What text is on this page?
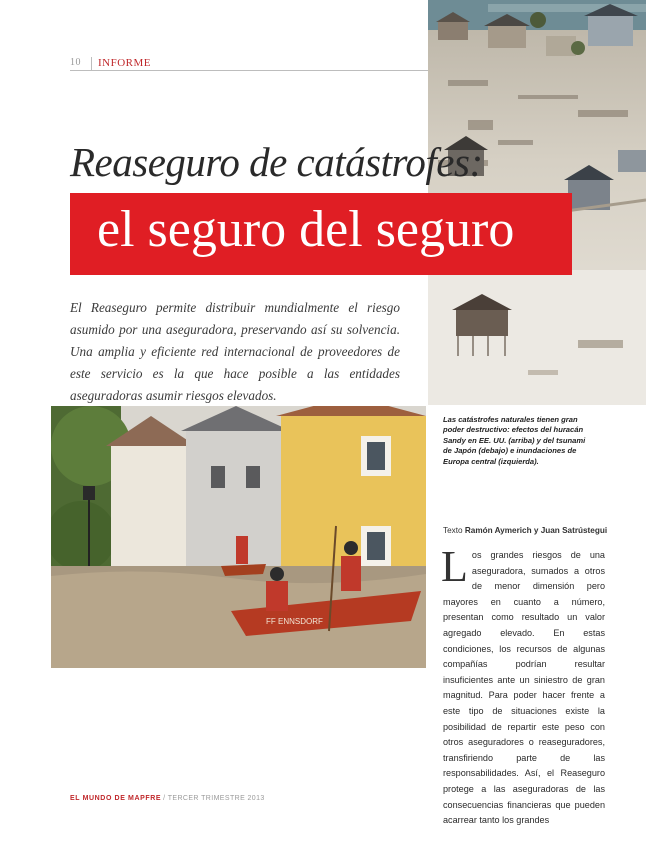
10 INFORME
Reaseguro de catástrofes:
el seguro del seguro
El Reaseguro permite distribuir mundialmente el riesgo asumido por una aseguradora, preservando así su solvencia. Una amplia y eficiente red internacional de proveedores de este servicio es la que hace posible a las entidades aseguradoras asumir riesgos elevados.
FF ENNSDORF
Las catástrofes naturales tienen gran poder destructivo: efectos del huracán Sandy en EE. UU. (arriba) y del tsunami de Japón (debajo) e inundaciones de Europa central (izquierda).
Texto Ramón Aymerich y Juan Satrústegui
L os grandes riesgos de una aseguradora, sumados a otros de menor dimensión pero mayores en cuanto a número, presentan como resultado un valor agregado elevado. En estas condiciones, los recursos de algunas compañías podrían resultar insuficientes ante un siniestro de gran magnitud. Para poder hacer frente a este tipo de situaciones existe la posibilidad de repartir este peso con otros aseguradores o reaseguradores, transfiriendo parte de las responsabilidades. Así, el Reaseguro protege a las aseguradoras de las consecuencias financieras que pueden acarrear tanto los grandes
EL MUNDO DE MAPFRE / TERCER TRIMESTRE 2013
